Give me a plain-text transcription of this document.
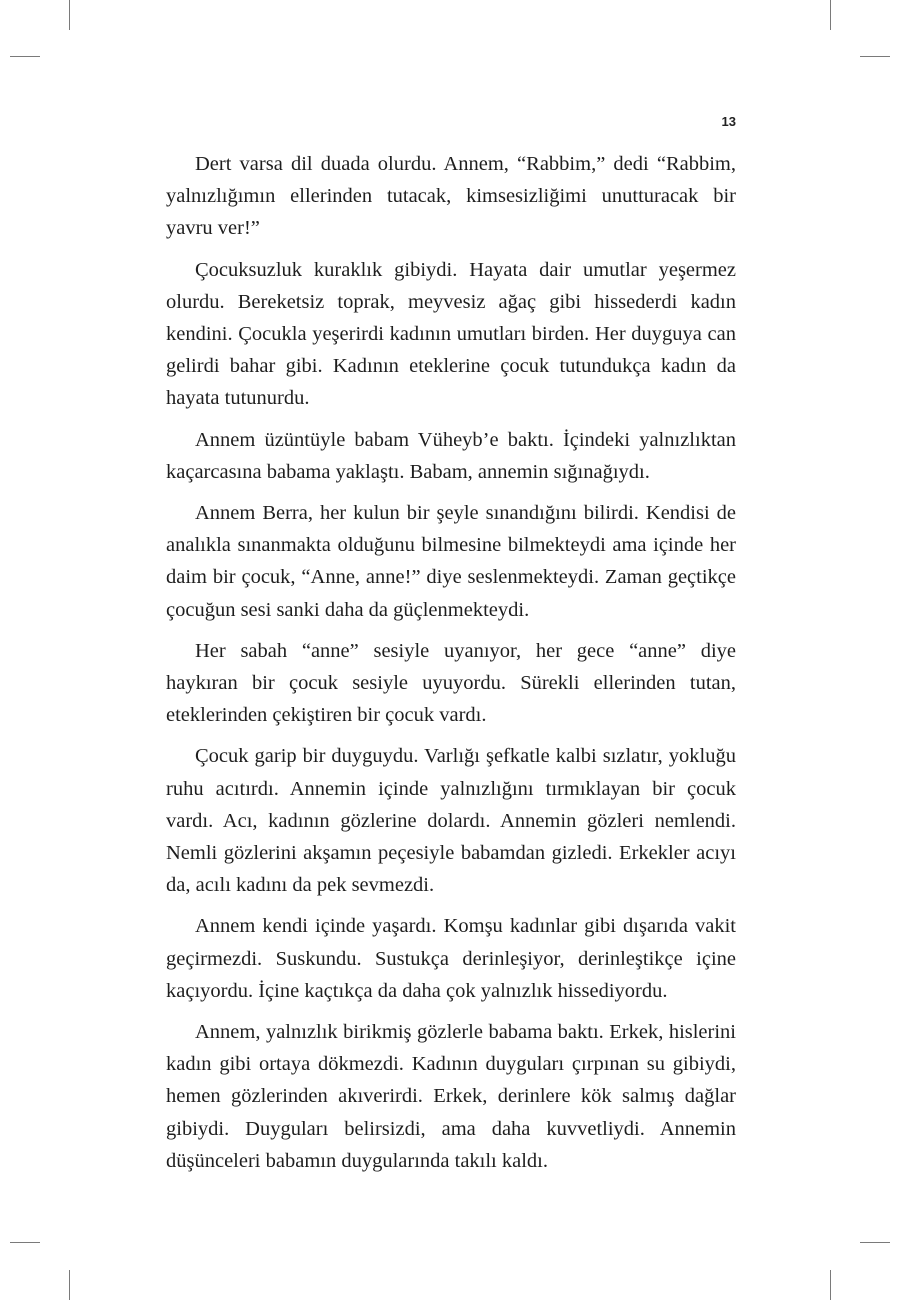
13

Dert varsa dil duada olurdu. Annem, “Rabbim,” dedi “Rabbim, yalnızlığımın ellerinden tutacak, kimsesizliğimi unutturacak bir yavru ver!”

Çocuksuzluk kuraklık gibiydi. Hayata dair umutlar yeşermez olurdu. Bereketsiz toprak, meyvesiz ağaç gibi hissederdi kadın kendini. Çocukla yeşerirdi kadının umutları birden. Her duyguya can gelirdi bahar gibi. Kadının eteklerine çocuk tutundukça kadın da hayata tutunurdu.

Annem üzüntüyle babam Vüheyb’e baktı. İçindeki yalnızlıktan kaçarcasına babama yaklaştı. Babam, annemin sığınağıydı.

Annem Berra, her kulun bir şeyle sınandığını bilirdi. Kendisi de analıkla sınanmakta olduğunu bilmesine bilmekteydi ama içinde her daim bir çocuk, “Anne, anne!” diye seslenmekteydi. Zaman geçtikçe çocuğun sesi sanki daha da güçlenmekteydi.

Her sabah “anne” sesiyle uyanıyor, her gece “anne” diye haykıran bir çocuk sesiyle uyuyordu. Sürekli ellerinden tutan, eteklerinden çekiştiren bir çocuk vardı.

Çocuk garip bir duyguydu. Varlığı şefkatle kalbi sızlatır, yokluğu ruhu acıtırdı. Annemin içinde yalnızlığını tırmıklayan bir çocuk vardı. Acı, kadının gözlerine dolardı. Annemin gözleri nemlendi. Nemli gözlerini akşamın peçesiyle babamdan gizledi. Erkekler acıyı da, acılı kadını da pek sevmezdi.

Annem kendi içinde yaşardı. Komşu kadınlar gibi dışarıda vakit geçirmezdi. Suskundu. Sustukça derinleşiyor, derinleştikçe içine kaçıyordu. İçine kaçtıkça da daha çok yalnızlık hissediyordu.

Annem, yalnızlık birikmiş gözlerle babama baktı. Erkek, hislerini kadın gibi ortaya dökmezdi. Kadının duyguları çırpınan su gibiydi, hemen gözlerinden akıverirdi. Erkek, derinlere kök salmış dağlar gibiydi. Duyguları belirsizdi, ama daha kuvvetliydi. Annemin düşünceleri babamın duygularında takılı kaldı.
